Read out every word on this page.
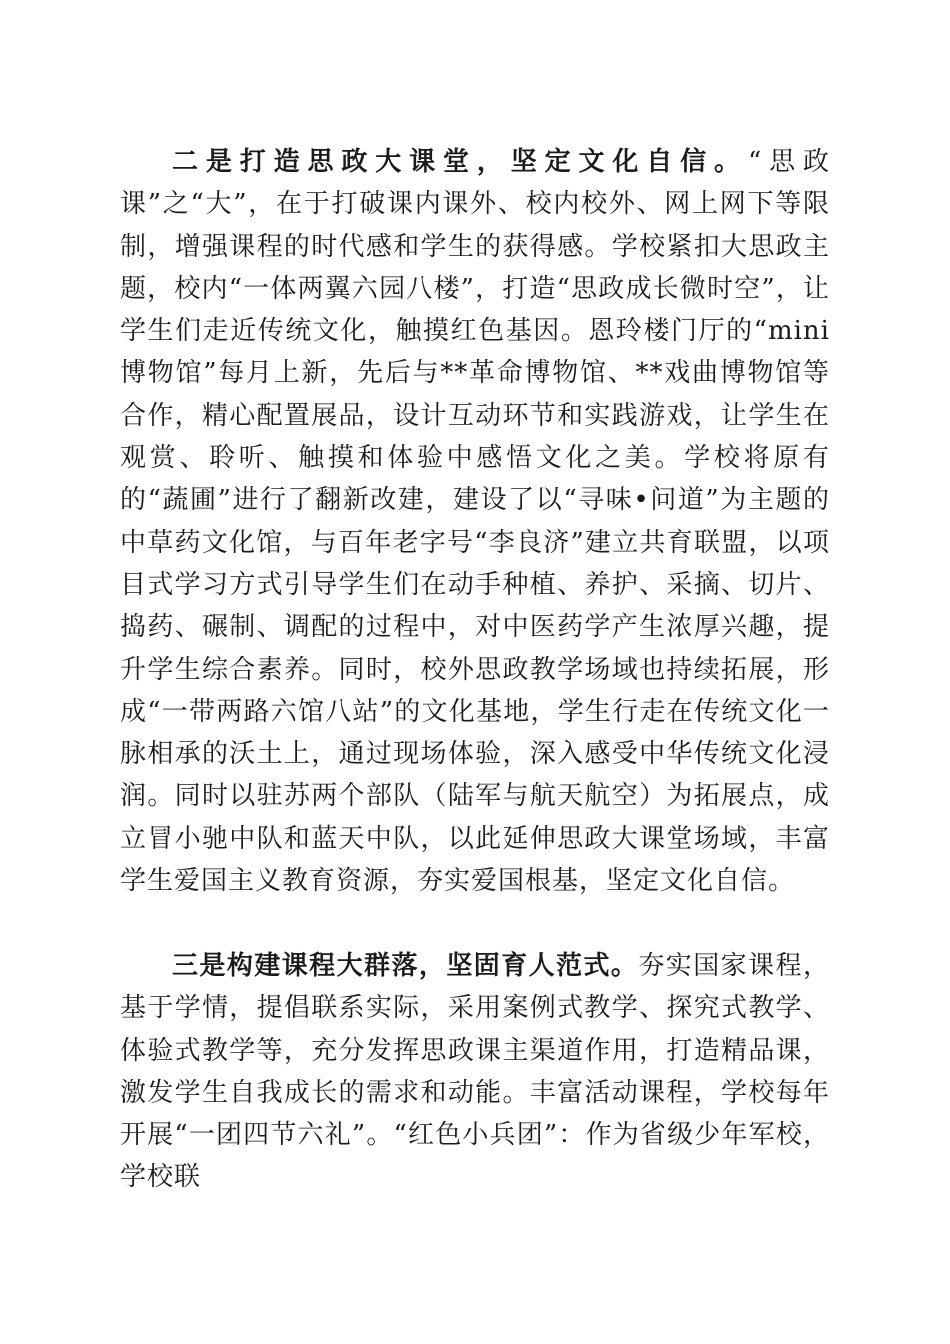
二是打造思政大课堂，坚定文化自信。“思政课”之“大”，在于打破课内课外、校内校外、网上网下等限制，增强课程的时代感和学生的获得感。学校紧扣大思政主题，校内“一体两翼六园八楼”，打造“思政成长微时空”，让学生们走近传统文化，触摸红色基因。恩玲楼门厅的“mini博物馆”每月上新，先后与**革命博物馆、**戏曲博物馆等合作，精心配置展品，设计互动环节和实践游戏，让学生在观赏、聆听、触摸和体验中感悟文化之美。学校将原有的“蔬圃”进行了翻新改建，建设了以“寻味•问道”为主题的中草药文化馆，与百年老字号“李良济”建立共育联盟，以项目式学习方式引导学生们在动手种植、养护、采摘、切片、捣药、碾制、调配的过程中，对中医药学产生浓厚兴趣，提升学生综合素养。同时，校外思政教学场域也持续拓展，形成“一带两路六馆八站”的文化基地，学生行走在传统文化一脉相承的沃土上，通过现场体验，深入感受中华传统文化浸润。同时以驻苏两个部队（陆军与航天航空）为拓展点，成立冒小驰中队和蓝天中队，以此延伸思政大课堂场域，丰富学生爱国主义教育资源，夯实爱国根基，坚定文化自信。

三是构建课程大群落，坚固育人范式。夯实国家课程，基于学情，提倡联系实际，采用案例式教学、探究式教学、体验式教学等，充分发挥思政课主渠道作用，打造精品课，激发学生自我成长的需求和动能。丰富活动课程，学校每年开展“一团四节六礼”。“红色小兵团”：作为省级少年军校，学校联
